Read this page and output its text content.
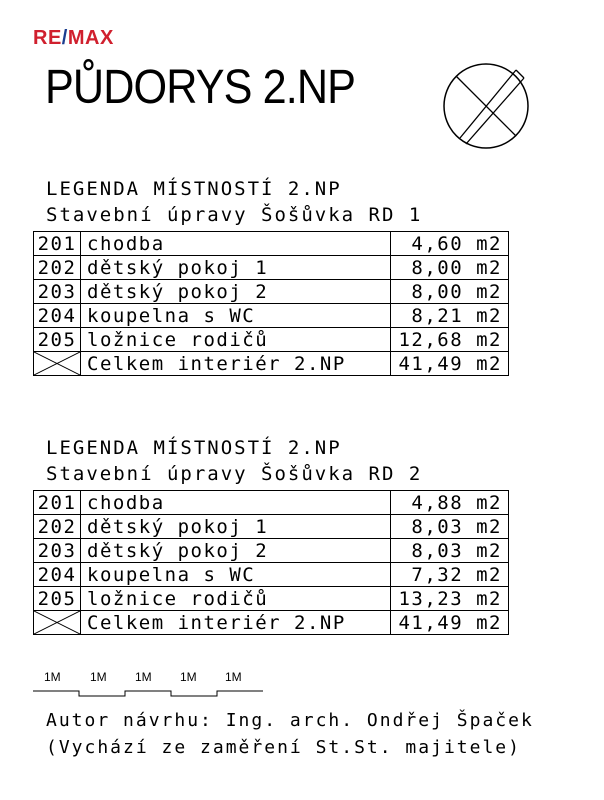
RE/MAX
PŮDORYS 2.NP
LEGENDA MÍSTNOSTÍ 2.NP
Stavební úpravy Šošůvka RD 1
201	chodba	4,60 m2
202	dětský pokoj 1	8,00 m2
203	dětský pokoj 2	8,00 m2
204	koupelna s WC	8,21 m2
205	ložnice rodičů	12,68 m2

	Celkem interiér 2.NP	41,49 m2
LEGENDA MÍSTNOSTÍ 2.NP
Stavební úpravy Šošůvka RD 2
201	chodba	4,88 m2
202	dětský pokoj 1	8,03 m2
203	dětský pokoj 2	8,03 m2
204	koupelna s WC	7,32 m2
205	ložnice rodičů	13,23 m2

	Celkem interiér 2.NP	41,49 m2
1M 1M 1M 1M 1M
Autor návrhu: Ing. arch. Ondřej Špaček
(Vychází ze zaměření St.St. majitele)
